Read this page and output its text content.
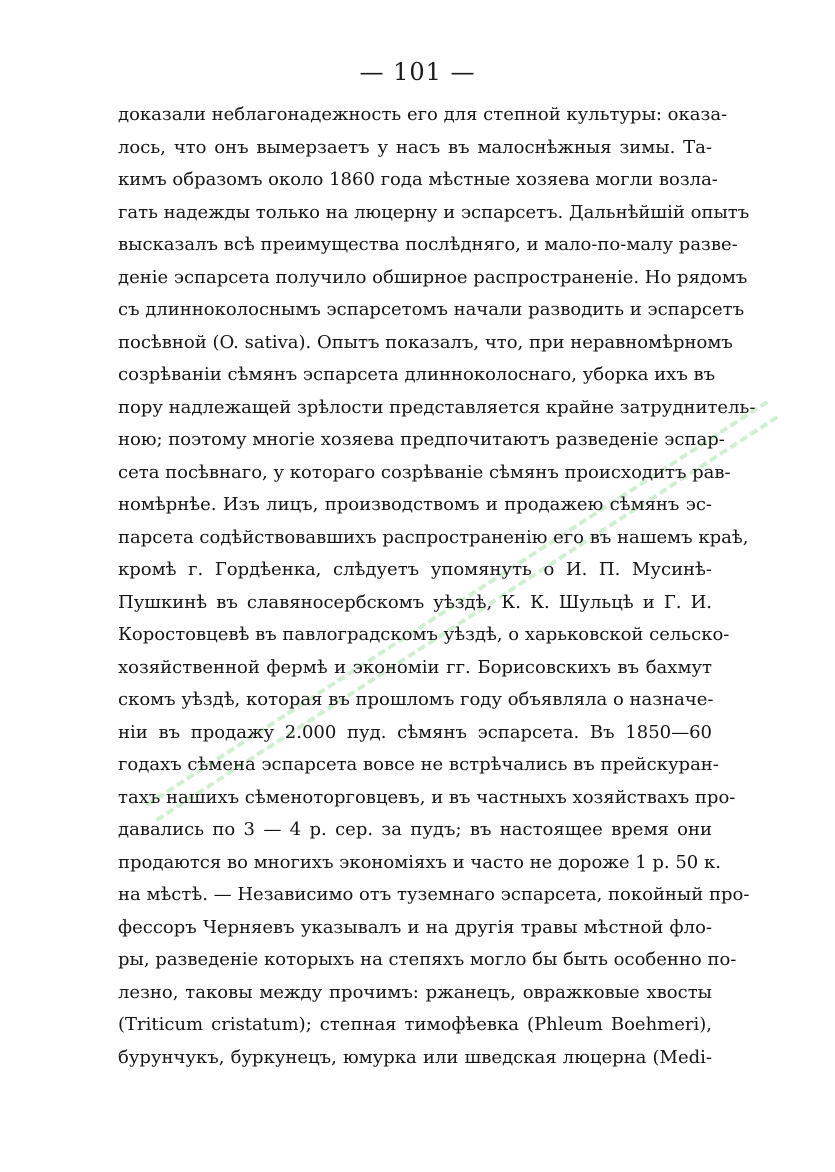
— 101 —
доказали неблагонадежность его для степной культуры: оказа-
лось, что онъ вымерзаетъ у насъ въ малоснѣжныя зимы. Та-
кимъ образомъ около 1860 года мѣстные хозяева могли возла-
гать надежды только на люцерну и эспарсетъ. Дальнѣйшій опытъ
высказалъ всѣ преимущества послѣдняго, и мало-по-малу разве-
деніе эспарсета получило обширное распространеніе. Но рядомъ
съ длинноколоснымъ эспарсетомъ начали разводить и эспарсетъ
посѣвной (O. sativa). Опытъ показалъ, что, при неравномѣрномъ
созрѣваніи сѣмянъ эспарсета длинноколоснаго, уборка ихъ въ
пору надлежащей зрѣлости представляется крайне затруднитель-
ною; поэтому многіе хозяева предпочитаютъ разведеніе эспар-
сета посѣвнаго, у котораго созрѣваніе сѣмянъ происходитъ рав-
номѣрнѣе. Изъ лицъ, производствомъ и продажею сѣмянъ эс-
парсета содѣйствовавшихъ распространенію его въ нашемъ краѣ,
кромѣ г. Гордѣенка, слѣдуетъ упомянуть о И. П. Мусинѣ-
Пушкинѣ въ славяносербскомъ уѣздѣ, К. К. Шульцѣ и Г. И.
Коростовцевѣ въ павлоградскомъ уѣздѣ, о харьковской сельско-
хозяйственной фермѣ и экономіи гг. Борисовскихъ въ бахмут
скомъ уѣздѣ, которая въ прошломъ году объявляла о назначе-
ніи въ продажу 2.000 пуд. сѣмянъ эспарсета. Въ 1850—60
годахъ сѣмена эспарсета вовсе не встрѣчались въ прейскуран-
тахъ нашихъ сѣменоторговцевъ, и въ частныхъ хозяйствахъ про-
давались по 3 — 4 р. сер. за пудъ; въ настоящее время они
продаются во многихъ экономіяхъ и часто не дороже 1 р. 50 к.
на мѣстѣ. — Независимо отъ туземнаго эспарсета, покойный про-
фессоръ Черняевъ указывалъ и на другія травы мѣстной фло-
ры, разведеніе которыхъ на степяхъ могло бы быть особенно по-
лезно, таковы между прочимъ: ржанецъ, овражковые хвосты
(Triticum cristatum); степная тимофѣевка (Phleum Boehmeri),
бурунчукъ, буркунецъ, юмурка или шведская люцерна (Medi-
